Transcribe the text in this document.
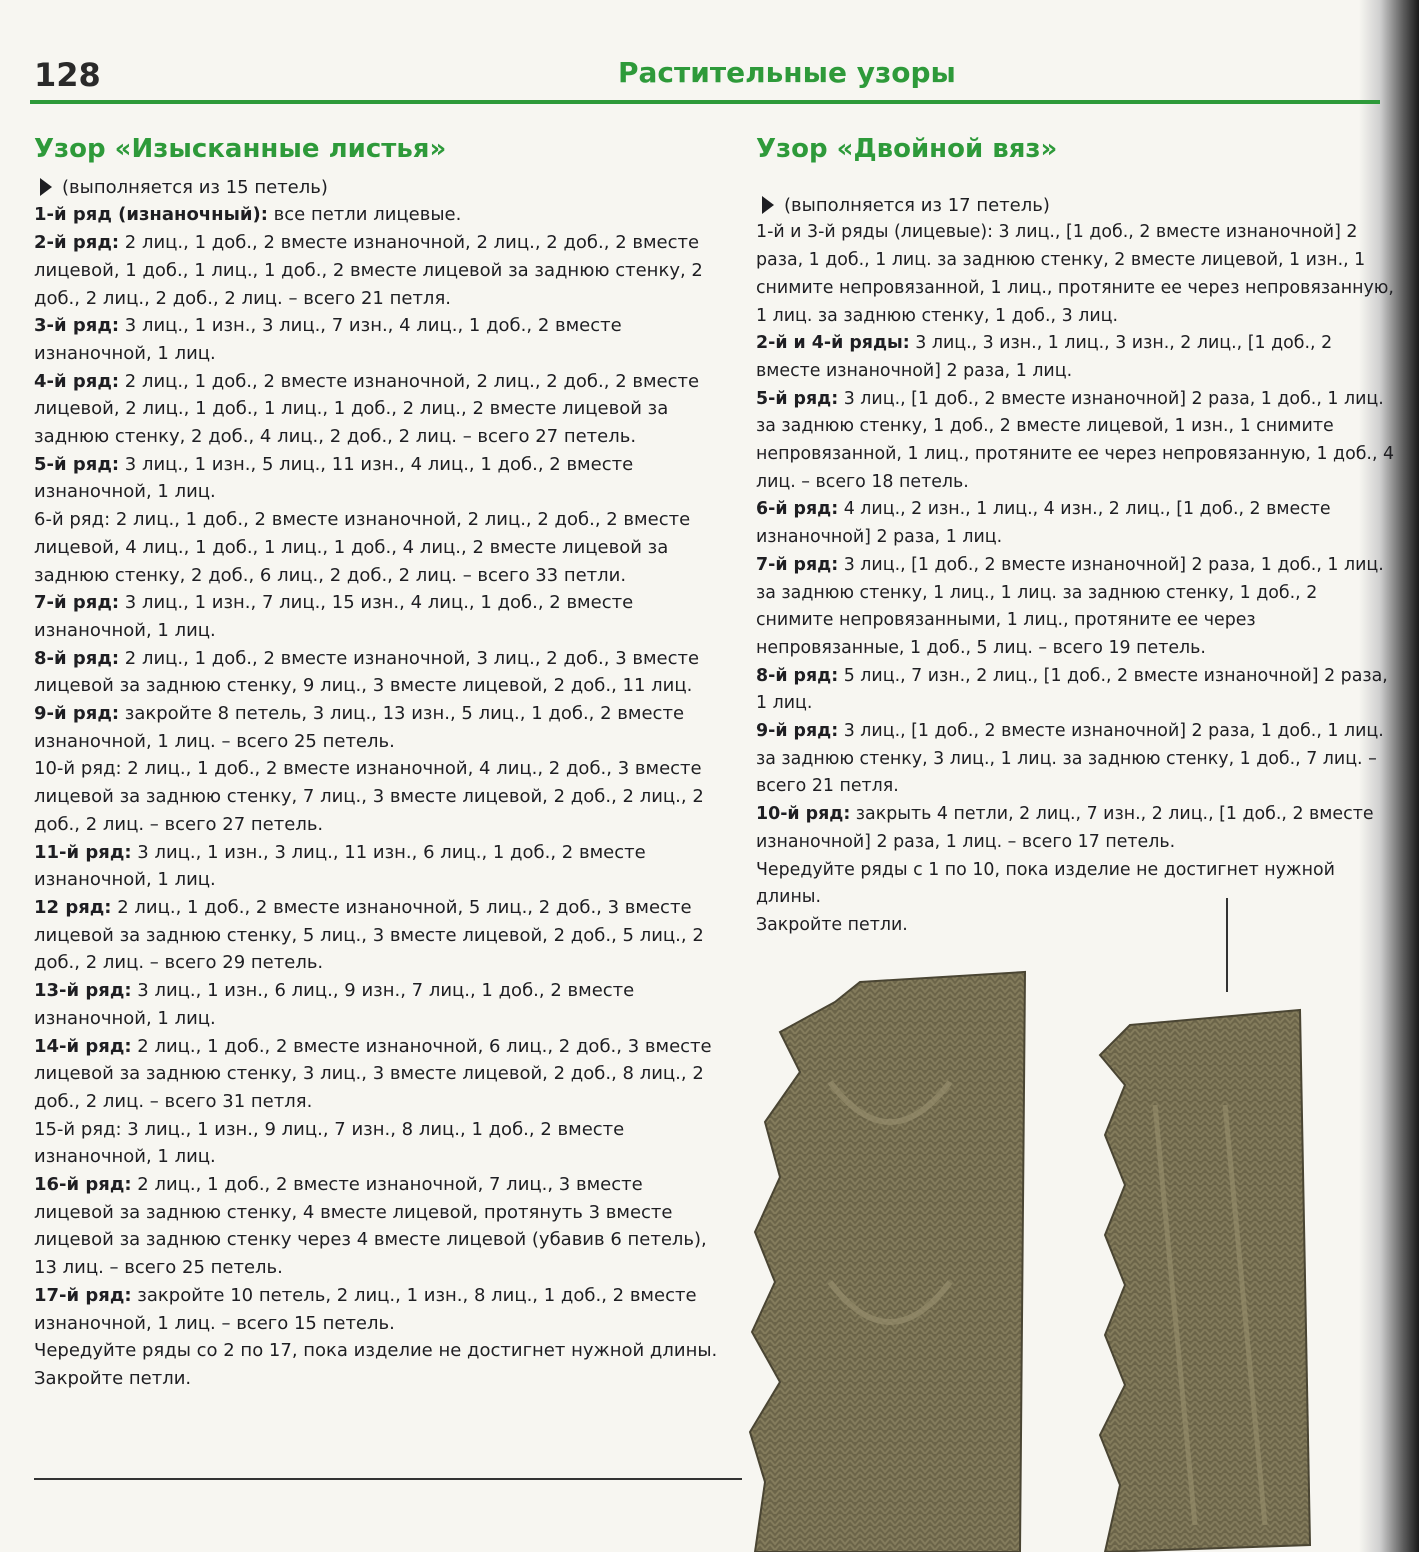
128	Растительные узоры
Узор «Изысканные листья»
(выполняется из 15 петель)

1-й ряд (изнаночный): все петли лицевые.

2-й ряд: 2 лиц., 1 доб., 2 вместе изнаночной, 2 лиц., 2 доб., 2 вместе лицевой, 1 доб., 1 лиц., 1 доб., 2 вместе лицевой за заднюю стенку, 2 доб., 2 лиц., 2 доб., 2 лиц. – всего 21 петля.

3-й ряд: 3 лиц., 1 изн., 3 лиц., 7 изн., 4 лиц., 1 доб., 2 вместе изнаночной, 1 лиц.

4-й ряд: 2 лиц., 1 доб., 2 вместе изнаночной, 2 лиц., 2 доб., 2 вместе лицевой, 2 лиц., 1 доб., 1 лиц., 1 доб., 2 лиц., 2 вместе лицевой за заднюю стенку, 2 доб., 4 лиц., 2 доб., 2 лиц. – всего 27 петель.

5-й ряд: 3 лиц., 1 изн., 5 лиц., 11 изн., 4 лиц., 1 доб., 2 вместе изнаночной, 1 лиц.

6-й ряд: 2 лиц., 1 доб., 2 вместе изнаночной, 2 лиц., 2 доб., 2 вместе лицевой, 4 лиц., 1 доб., 1 лиц., 1 доб., 4 лиц., 2 вместе лицевой за заднюю стенку, 2 доб., 6 лиц., 2 доб., 2 лиц. – всего 33 петли.

7-й ряд: 3 лиц., 1 изн., 7 лиц., 15 изн., 4 лиц., 1 доб., 2 вместе изнаночной, 1 лиц.

8-й ряд: 2 лиц., 1 доб., 2 вместе изнаночной, 3 лиц., 2 доб., 3 вместе лицевой за заднюю стенку, 9 лиц., 3 вместе лицевой, 2 доб., 11 лиц.

9-й ряд: закройте 8 петель, 3 лиц., 13 изн., 5 лиц., 1 доб., 2 вместе изнаночной, 1 лиц. – всего 25 петель.

10-й ряд: 2 лиц., 1 доб., 2 вместе изнаночной, 4 лиц., 2 доб., 3 вместе лицевой за заднюю стенку, 7 лиц., 3 вместе лицевой, 2 доб., 2 лиц., 2 доб., 2 лиц. – всего 27 петель.

11-й ряд: 3 лиц., 1 изн., 3 лиц., 11 изн., 6 лиц., 1 доб., 2 вместе изнаночной, 1 лиц.

12 ряд: 2 лиц., 1 доб., 2 вместе изнаночной, 5 лиц., 2 доб., 3 вместе лицевой за заднюю стенку, 5 лиц., 3 вместе лицевой, 2 доб., 5 лиц., 2 доб., 2 лиц. – всего 29 петель.

13-й ряд: 3 лиц., 1 изн., 6 лиц., 9 изн., 7 лиц., 1 доб., 2 вместе изнаночной, 1 лиц.

14-й ряд: 2 лиц., 1 доб., 2 вместе изнаночной, 6 лиц., 2 доб., 3 вместе лицевой за заднюю стенку, 3 лиц., 3 вместе лицевой, 2 доб., 8 лиц., 2 доб., 2 лиц. – всего 31 петля.

15-й ряд: 3 лиц., 1 изн., 9 лиц., 7 изн., 8 лиц., 1 доб., 2 вместе изнаночной, 1 лиц.

16-й ряд: 2 лиц., 1 доб., 2 вместе изнаночной, 7 лиц., 3 вместе лицевой за заднюю стенку, 4 вместе лицевой, протянуть 3 вместе лицевой за заднюю стенку через 4 вместе лицевой (убавив 6 петель), 13 лиц. – всего 25 петель.

17-й ряд: закройте 10 петель, 2 лиц., 1 изн., 8 лиц., 1 доб., 2 вместе изнаночной, 1 лиц. – всего 15 петель.

Чередуйте ряды со 2 по 17, пока изделие не достигнет нужной длины.

Закройте петли.

Узор «Двойной вяз»
(выполняется из 17 петель)

1-й и 3-й ряды (лицевые): 3 лиц., [1 доб., 2 вместе изнаночной] 2 раза, 1 доб., 1 лиц. за заднюю стенку, 2 вместе лицевой, 1 изн., 1 снимите непровязанной, 1 лиц., протяните ее через непровязанную, 1 лиц. за заднюю стенку, 1 доб., 3 лиц.

2-й и 4-й ряды: 3 лиц., 3 изн., 1 лиц., 3 изн., 2 лиц., [1 доб., 2 вместе изнаночной] 2 раза, 1 лиц.

5-й ряд: 3 лиц., [1 доб., 2 вместе изнаночной] 2 раза, 1 доб., 1 лиц. за заднюю стенку, 1 доб., 2 вместе лицевой, 1 изн., 1 снимите непровязанной, 1 лиц., протяните ее через непровязанную, 1 доб., 4 лиц. – всего 18 петель.

6-й ряд: 4 лиц., 2 изн., 1 лиц., 4 изн., 2 лиц., [1 доб., 2 вместе изнаночной] 2 раза, 1 лиц.

7-й ряд: 3 лиц., [1 доб., 2 вместе изнаночной] 2 раза, 1 доб., 1 лиц. за заднюю стенку, 1 лиц., 1 лиц. за заднюю стенку, 1 доб., 2 снимите непровязанными, 1 лиц., протяните ее через непровязанные, 1 доб., 5 лиц. – всего 19 петель.

8-й ряд: 5 лиц., 7 изн., 2 лиц., [1 доб., 2 вместе изнаночной] 2 раза, 1 лиц.

9-й ряд: 3 лиц., [1 доб., 2 вместе изнаночной] 2 раза, 1 доб., 1 лиц. за заднюю стенку, 3 лиц., 1 лиц. за заднюю стенку, 1 доб., 7 лиц. – всего 21 петля.

10-й ряд: закрыть 4 петли, 2 лиц., 7 изн., 2 лиц., [1 доб., 2 вместе изнаночной] 2 раза, 1 лиц. – всего 17 петель.

Чередуйте ряды с 1 по 10, пока изделие не достигнет нужной длины.

Закройте петли.
